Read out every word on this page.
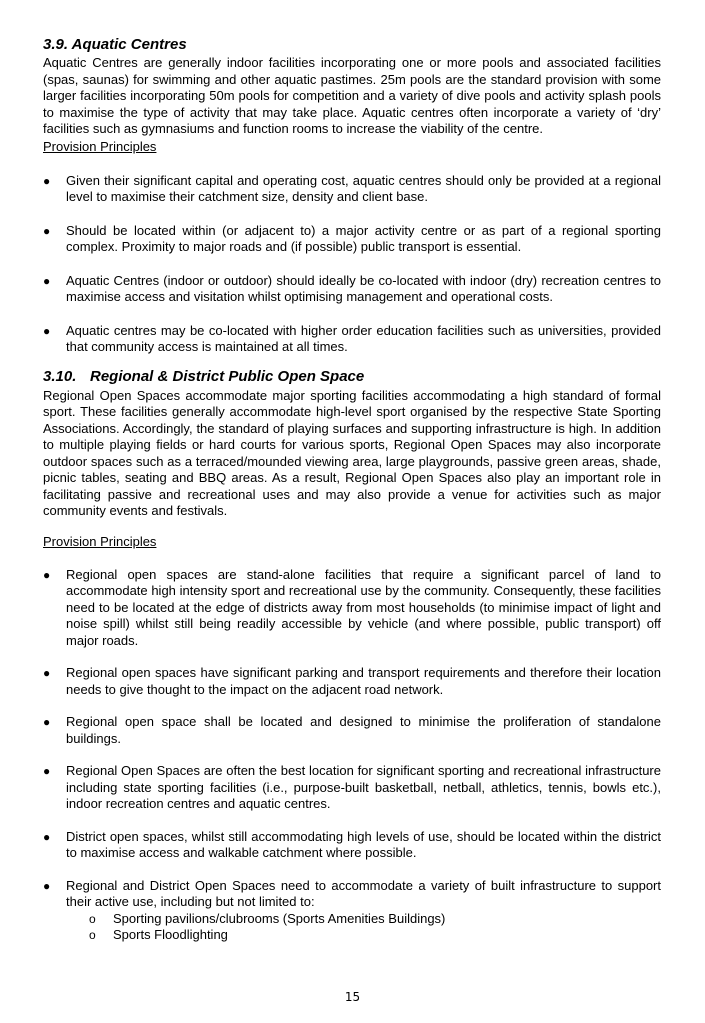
3.9. Aquatic Centres

Aquatic Centres are generally indoor facilities incorporating one or more pools and associated facilities (spas, saunas) for swimming and other aquatic pastimes. 25m pools are the standard provision with some larger facilities incorporating 50m pools for competition and a variety of dive pools and activity splash pools to maximise the type of activity that may take place. Aquatic centres often incorporate a variety of ‘dry’ facilities such as gymnasiums and function rooms to increase the viability of the centre.

Provision Principles
●	Given their significant capital and operating cost, aquatic centres should only be provided at a regional level to maximise their catchment size, density and client base.
●	Should be located within (or adjacent to) a major activity centre or as part of a regional sporting complex. Proximity to major roads and (if possible) public transport is essential.
●	Aquatic Centres (indoor or outdoor) should ideally be co-located with indoor (dry) recreation centres to maximise access and visitation whilst optimising management and operational costs.
●	Aquatic centres may be co-located with higher order education facilities such as universities, provided that community access is maintained at all times.
3.10. Regional & District Public Open Space

Regional Open Spaces accommodate major sporting facilities accommodating a high standard of formal sport. These facilities generally accommodate high-level sport organised by the respective State Sporting Associations. Accordingly, the standard of playing surfaces and supporting infrastructure is high. In addition to multiple playing fields or hard courts for various sports, Regional Open Spaces may also incorporate outdoor spaces such as a terraced/mounded viewing area, large playgrounds, passive green areas, shade, picnic tables, seating and BBQ areas. As a result, Regional Open Spaces also play an important role in facilitating passive and recreational uses and may also provide a venue for activities such as major community events and festivals.

Provision Principles
●	Regional open spaces are stand-alone facilities that require a significant parcel of land to accommodate high intensity sport and recreational use by the community. Consequently, these facilities need to be located at the edge of districts away from most households (to minimise impact of light and noise spill) whilst still being readily accessible by vehicle (and where possible, public transport) off major roads.
●	Regional open spaces have significant parking and transport requirements and therefore their location needs to give thought to the impact on the adjacent road network.
●	Regional open space shall be located and designed to minimise the proliferation of standalone buildings.
●	Regional Open Spaces are often the best location for significant sporting and recreational infrastructure including state sporting facilities (i.e., purpose-built basketball, netball, athletics, tennis, bowls etc.), indoor recreation centres and aquatic centres.
●	District open spaces, whilst still accommodating high levels of use, should be located within the district to maximise access and walkable catchment where possible.
●	Regional and District Open Spaces need to accommodate a variety of built infrastructure to support their active use, including but not limited to:
o Sporting pavilions/clubrooms (Sports Amenities Buildings)
o Sports Floodlighting
15
